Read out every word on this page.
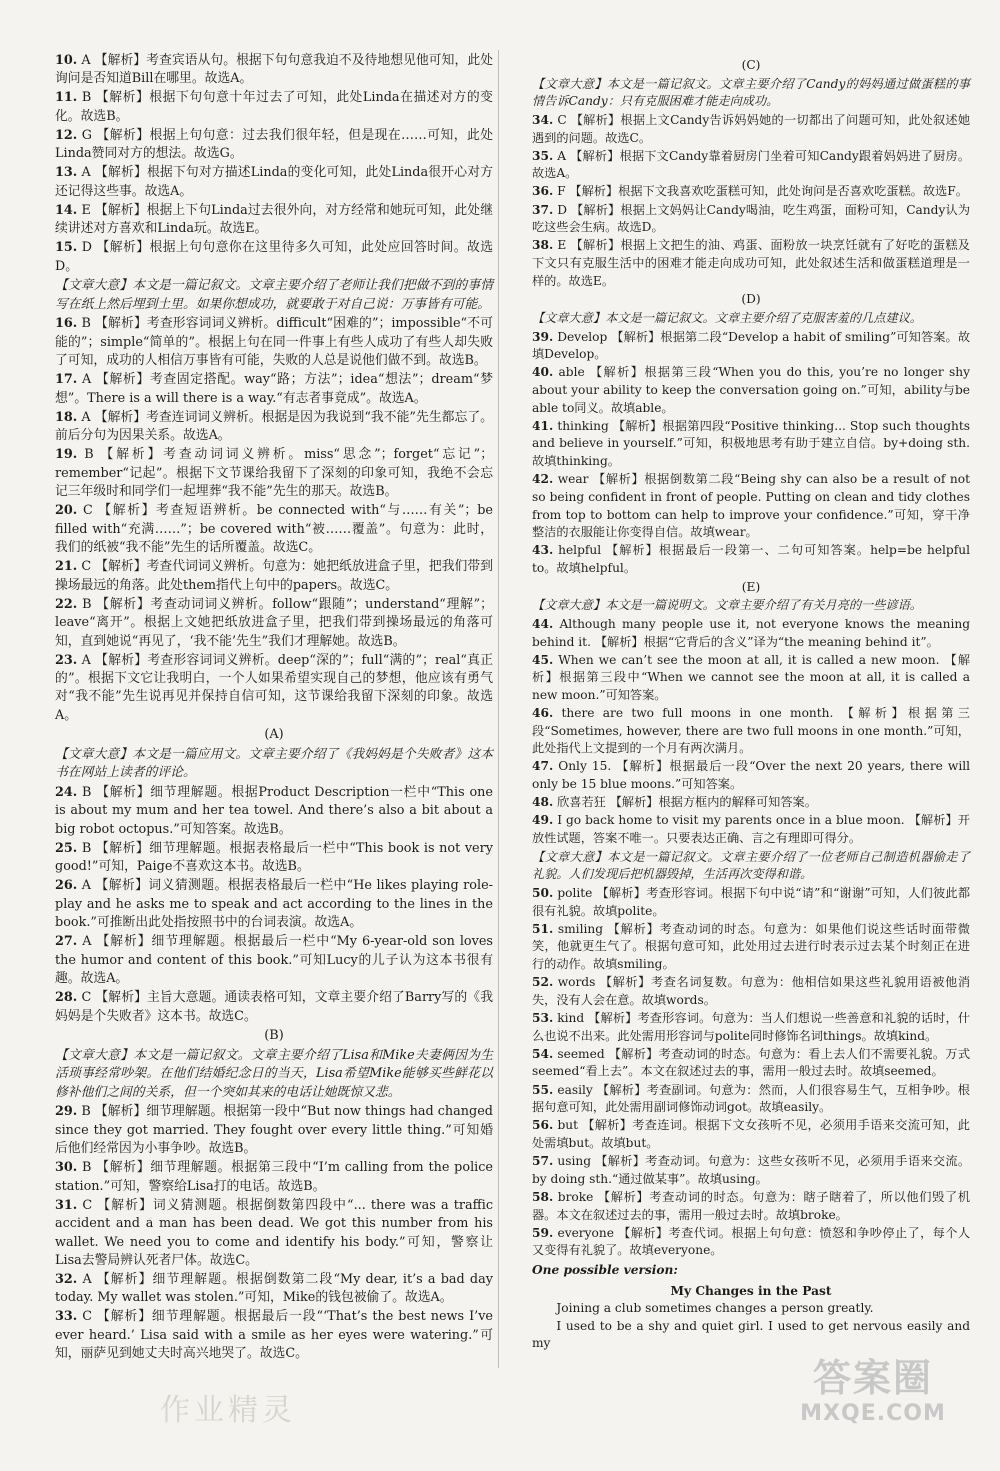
10. A 【解析】考查宾语从句。根据下句句意我迫不及待地想见他可知，此处询问是否知道Bill在哪里。故选A。
11. B 【解析】根据下句句意十年过去了可知，此处Linda在描述对方的变化。故选B。
12. G 【解析】根据上句句意：过去我们很年轻，但是现在……可知，此处Linda赞同对方的想法。故选G。
13. A 【解析】根据下句对方描述Linda的变化可知，此处Linda很开心对方还记得这些事。故选A。
14. E 【解析】根据上下句Linda过去很外向，对方经常和她玩可知，此处继续讲述对方喜欢和Linda玩。故选E。
15. D 【解析】根据上句句意你在这里待多久可知，此处应回答时间。故选D。
【文章大意】本文是一篇记叙文。文章主要介绍了老师让我们把做不到的事情写在纸上然后埋到土里。如果你想成功，就要敢于对自己说：万事皆有可能。
16. B 【解析】考查形容词词义辨析。difficult“困难的”；impossible“不可能的”；simple“简单的”。根据上句在同一件事上有些人成功了有些人却失败了可知，成功的人相信万事皆有可能，失败的人总是说他们做不到。故选B。
17. A 【解析】考查固定搭配。way“路；方法”；idea“想法”；dream“梦想”。There is a will there is a way.“有志者事竟成”。故选A。
18. A 【解析】考查连词词义辨析。根据是因为我说到“我不能”先生都忘了。前后分句为因果关系。故选A。
19. B 【解析】考查动词词义辨析。miss“思念”；forget“忘记”；remember“记起”。根据下文节课给我留下了深刻的印象可知，我绝不会忘记三年级时和同学们一起埋葬“我不能”先生的那天。故选B。
20. C 【解析】考查短语辨析。be connected with“与……有关”；be filled with“充满……”；be covered with“被……覆盖”。句意为：此时，我们的纸被“我不能”先生的话所覆盖。故选C。
21. C 【解析】考查代词词义辨析。句意为：她把纸放进盒子里，把我们带到操场最远的角落。此处them指代上句中的papers。故选C。
22. B 【解析】考查动词词义辨析。follow“跟随”；understand“理解”；leave“离开”。根据上文她把纸放进盒子里，把我们带到操场最远的角落可知，直到她说“再见了，‘我不能’先生”我们才理解她。故选B。
23. A 【解析】考查形容词词义辨析。deep“深的”；full“满的”；real“真正的”。根据下文它让我明白，一个人如果希望实现自己的梦想，他应该有勇气对“我不能”先生说再见并保持自信可知，这节课给我留下深刻的印象。故选A。
(A)
【文章大意】本文是一篇应用文。文章主要介绍了《我妈妈是个失败者》这本书在网站上读者的评论。
24. B 【解析】细节理解题。根据Product Description一栏中“This one is about my mum and her tea towel. And there’s also a bit about a big robot octopus.”可知答案。故选B。
25. B 【解析】细节理解题。根据表格最后一栏中“This book is not very good!”可知，Paige不喜欢这本书。故选B。
26. A 【解析】词义猜测题。根据表格最后一栏中“He likes playing role-play and he asks me to speak and act according to the lines in the book.”可推断出此处指按照书中的台词表演。故选A。
27. A 【解析】细节理解题。根据最后一栏中“My 6-year-old son loves the humor and content of this book.”可知Lucy的儿子认为这本书很有趣。故选A。
28. C 【解析】主旨大意题。通读表格可知，文章主要介绍了Barry写的《我妈妈是个失败者》这本书。故选C。
(B)
【文章大意】本文是一篇记叙文。文章主要介绍了Lisa和Mike夫妻俩因为生活琐事经常吵架。在他们结婚纪念日的当天，Lisa希望Mike能够买些鲜花以修补他们之间的关系，但一个突如其来的电话让她既惊又悲。
29. B 【解析】细节理解题。根据第一段中“But now things had changed since they got married. They fought over every little thing.”可知婚后他们经常因为小事争吵。故选B。
30. B 【解析】细节理解题。根据第三段中“I’m calling from the police station.”可知，警察给Lisa打的电话。故选B。
31. C 【解析】词义猜测题。根据倒数第四段中“... there was a traffic accident and a man has been dead. We got this number from his wallet. We need you to come and identify his body.”可知，警察让Lisa去警局辨认死者尸体。故选C。
32. A 【解析】细节理解题。根据倒数第二段“My dear, it’s a bad day today. My wallet was stolen.”可知，Mike的钱包被偷了。故选A。
33. C 【解析】细节理解题。根据最后一段“‘That’s the best news I’ve ever heard.’ Lisa said with a smile as her eyes were watering.”可知，丽萨见到她丈夫时高兴地哭了。故选C。
(C)
【文章大意】本文是一篇记叙文。文章主要介绍了Candy的妈妈通过做蛋糕的事情告诉Candy：只有克服困难才能走向成功。
34. C 【解析】根据上文Candy告诉妈妈她的一切都出了问题可知，此处叙述她遇到的问题。故选C。
35. A 【解析】根据下文Candy靠着厨房门坐着可知Candy跟着妈妈进了厨房。故选A。
36. F 【解析】根据下文我喜欢吃蛋糕可知，此处询问是否喜欢吃蛋糕。故选F。
37. D 【解析】根据上文妈妈让Candy喝油，吃生鸡蛋，面粉可知，Candy认为吃这些会生病。故选D。
38. E 【解析】根据上文把生的油、鸡蛋、面粉放一块烹饪就有了好吃的蛋糕及下文只有克服生活中的困难才能走向成功可知，此处叙述生活和做蛋糕道理是一样的。故选E。
(D)
【文章大意】本文是一篇记叙文。文章主要介绍了克服害羞的几点建议。
39. Develop 【解析】根据第二段“Develop a habit of smiling”可知答案。故填Develop。
40. able 【解析】根据第三段“When you do this, you’re no longer shy about your ability to keep the conversation going on.”可知，ability与be able to同义。故填able。
41. thinking 【解析】根据第四段“Positive thinking... Stop such thoughts and believe in yourself.”可知，积极地思考有助于建立自信。by+doing sth. 故填thinking。
42. wear 【解析】根据倒数第二段“Being shy can also be a result of not so being confident in front of people. Putting on clean and tidy clothes from top to bottom can help to improve your confidence.”可知，穿干净整洁的衣服能让你变得自信。故填wear。
43. helpful 【解析】根据最后一段第一、二句可知答案。help=be helpful to。故填helpful。
(E)
【文章大意】本文是一篇说明文。文章主要介绍了有关月亮的一些谚语。
44. Although many people use it, not everyone knows the meaning behind it. 【解析】根据“它背后的含义”译为“the meaning behind it”。
45. When we can’t see the moon at all, it is called a new moon. 【解析】根据第三段中“When we cannot see the moon at all, it is called a new moon.”可知答案。
46. there are two full moons in one month. 【解析】根据第三段“Sometimes, however, there are two full moons in one month.”可知，此处指代上文提到的一个月有两次满月。
47. Only 15. 【解析】根据最后一段“Over the next 20 years, there will only be 15 blue moons.”可知答案。
48. 欣喜若狂 【解析】根据方框内的解释可知答案。
49. I go back home to visit my parents once in a blue moon. 【解析】开放性试题，答案不唯一。只要表达正确、言之有理即可得分。
【文章大意】本文是一篇记叙文。文章主要介绍了一位老师自己制造机器偷走了礼貌。人们发现后把机器毁掉，生活再次变得和谐。
50. polite 【解析】考查形容词。根据下句中说“请”和“谢谢”可知，人们彼此都很有礼貌。故填polite。
51. smiling 【解析】考查动词的时态。句意为：如果他们说这些话时面带微笑，他就更生气了。根据句意可知，此处用过去进行时表示过去某个时刻正在进行的动作。故填smiling。
52. words 【解析】考查名词复数。句意为：他相信如果这些礼貌用语被他消失，没有人会在意。故填words。
53. kind 【解析】考查形容词。句意为：当人们想说一些善意和礼貌的话时，什么也说不出来。此处需用形容词与polite同时修饰名词things。故填kind。
54. seemed 【解析】考查动词的时态。句意为：看上去人们不需要礼貌。万式seemed“看上去”。本文在叙述过去的事，需用一般过去时。故填seemed。
55. easily 【解析】考查副词。句意为：然而，人们很容易生气，互相争吵。根据句意可知，此处需用副词修饰动词got。故填easily。
56. but 【解析】考查连词。根据下文女孩听不见，必须用手语来交流可知，此处需填but。故填but。
57. using 【解析】考查动词。句意为：这些女孩听不见，必须用手语来交流。by doing sth.“通过做某事”。故填using。
58. broke 【解析】考查动词的时态。句意为：瞎子瞎着了，所以他们毁了机器。本文在叙述过去的事，需用一般过去时。故填broke。
59. everyone 【解析】考查代词。根据上句句意：愤怒和争吵停止了，每个人又变得有礼貌了。故填everyone。
One possible version:
My Changes in the Past

Joining a club sometimes changes a person greatly.

I used to be a shy and quiet girl. I used to get nervous easily and my

作业精灵
答案圈
MXQE.COM
